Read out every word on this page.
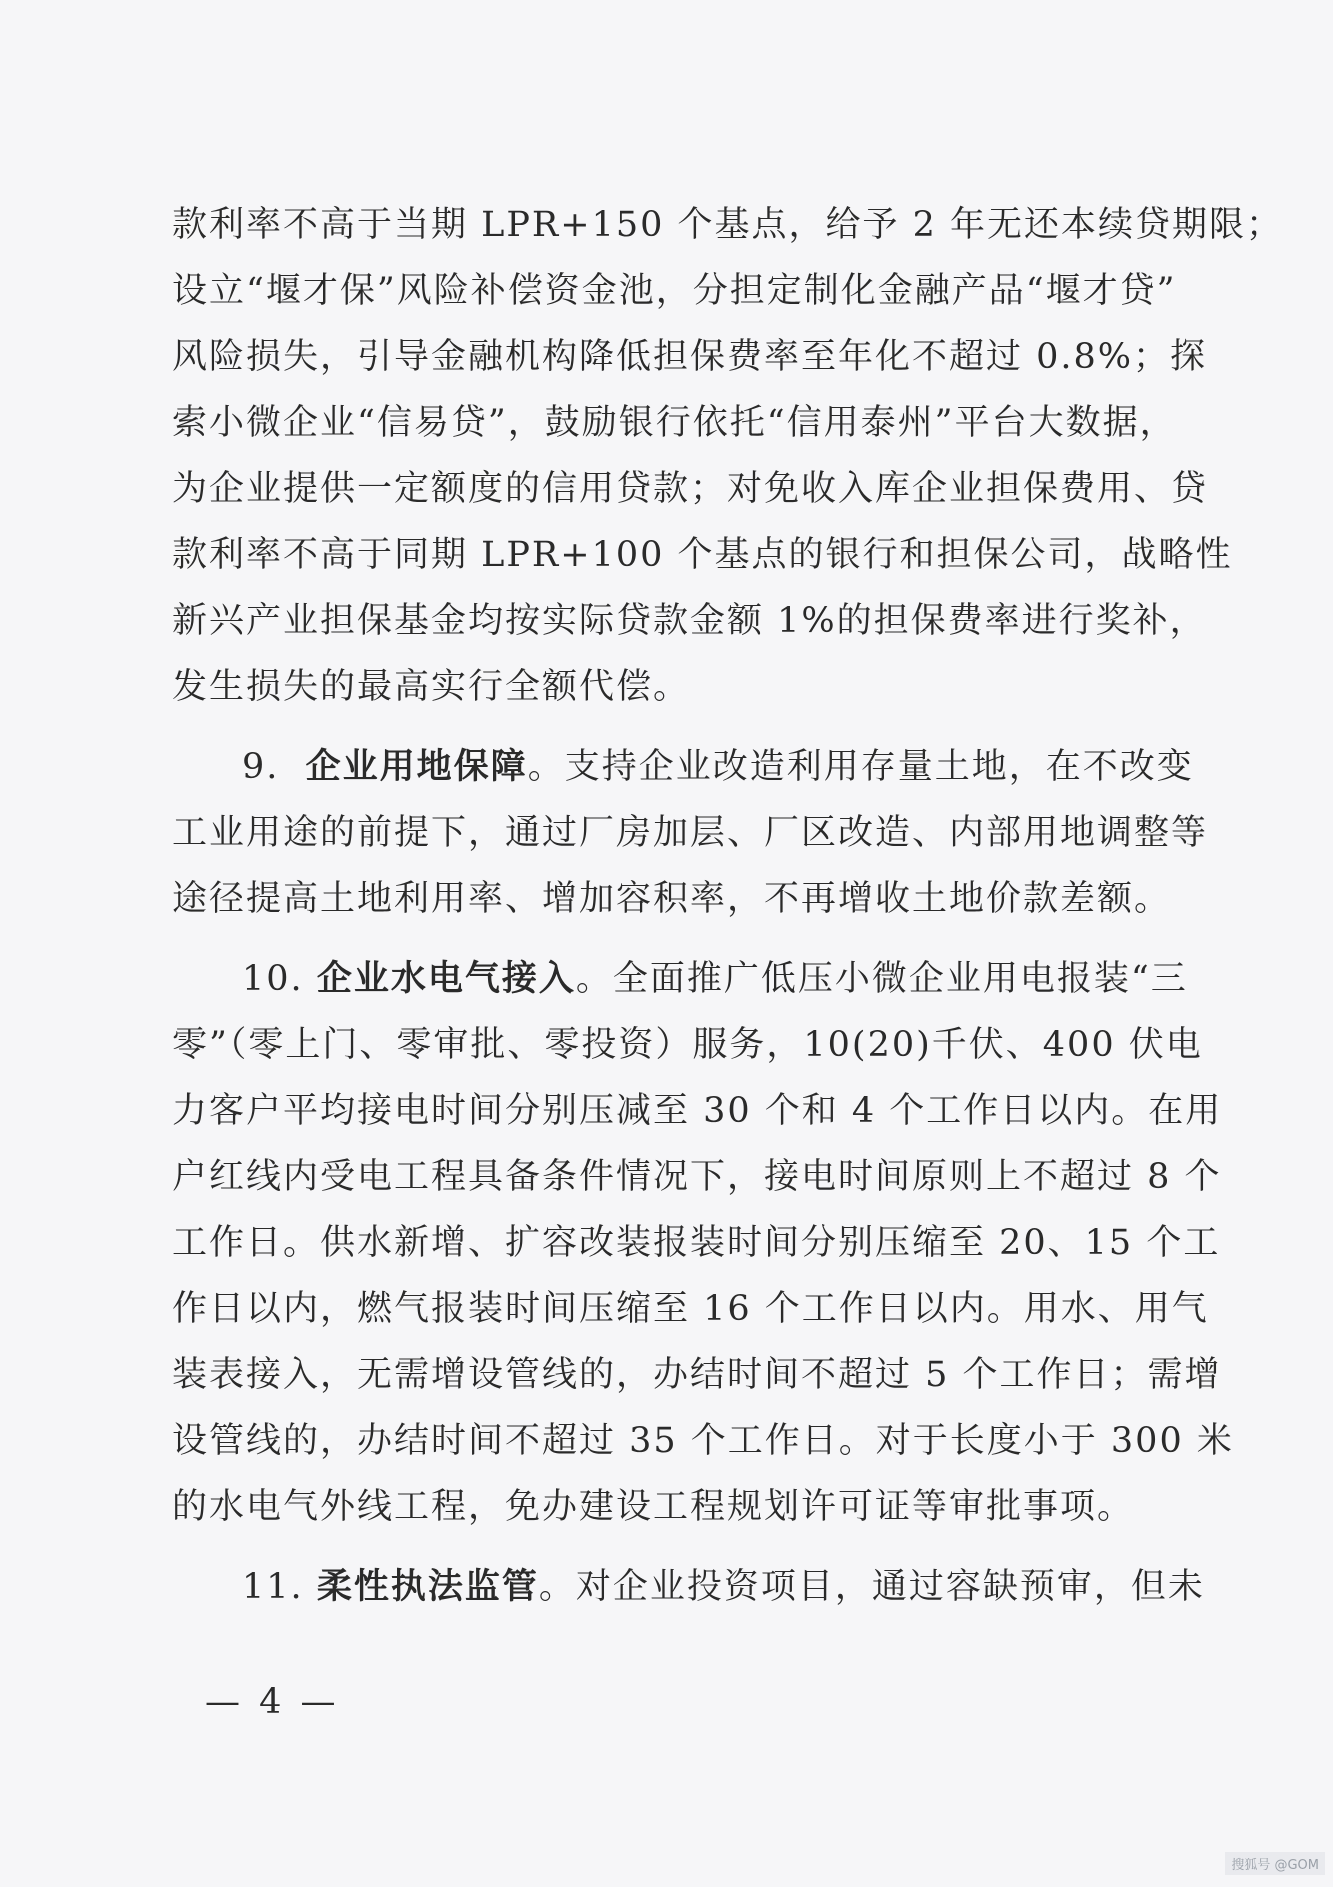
款利率不高于当期 LPR+150 个基点，给予 2 年无还本续贷期限；
设立“堰才保”风险补偿资金池，分担定制化金融产品“堰才贷”
风险损失，引导金融机构降低担保费率至年化不超过 0.8%；探
索小微企业“信易贷”，鼓励银行依托“信用泰州”平台大数据，
为企业提供一定额度的信用贷款；对免收入库企业担保费用、贷
款利率不高于同期 LPR+100 个基点的银行和担保公司，战略性
新兴产业担保基金均按实际贷款金额 1%的担保费率进行奖补，
发生损失的最高实行全额代偿。
9. 企业用地保障。支持企业改造利用存量土地，在不改变
工业用途的前提下，通过厂房加层、厂区改造、内部用地调整等
途径提高土地利用率、增加容积率，不再增收土地价款差额。
10. 企业水电气接入。全面推广低压小微企业用电报装“三
零”（零上门、零审批、零投资）服务，10(20)千伏、400 伏电
力客户平均接电时间分别压减至 30 个和 4 个工作日以内。在用
户红线内受电工程具备条件情况下，接电时间原则上不超过 8 个
工作日。供水新增、扩容改装报装时间分别压缩至 20、15 个工
作日以内，燃气报装时间压缩至 16 个工作日以内。用水、用气
装表接入，无需增设管线的，办结时间不超过 5 个工作日；需增
设管线的，办结时间不超过 35 个工作日。对于长度小于 300 米
的水电气外线工程，免办建设工程规划许可证等审批事项。
11. 柔性执法监管。对企业投资项目，通过容缺预审，但未
— 4 —
搜狐号 @GOM
